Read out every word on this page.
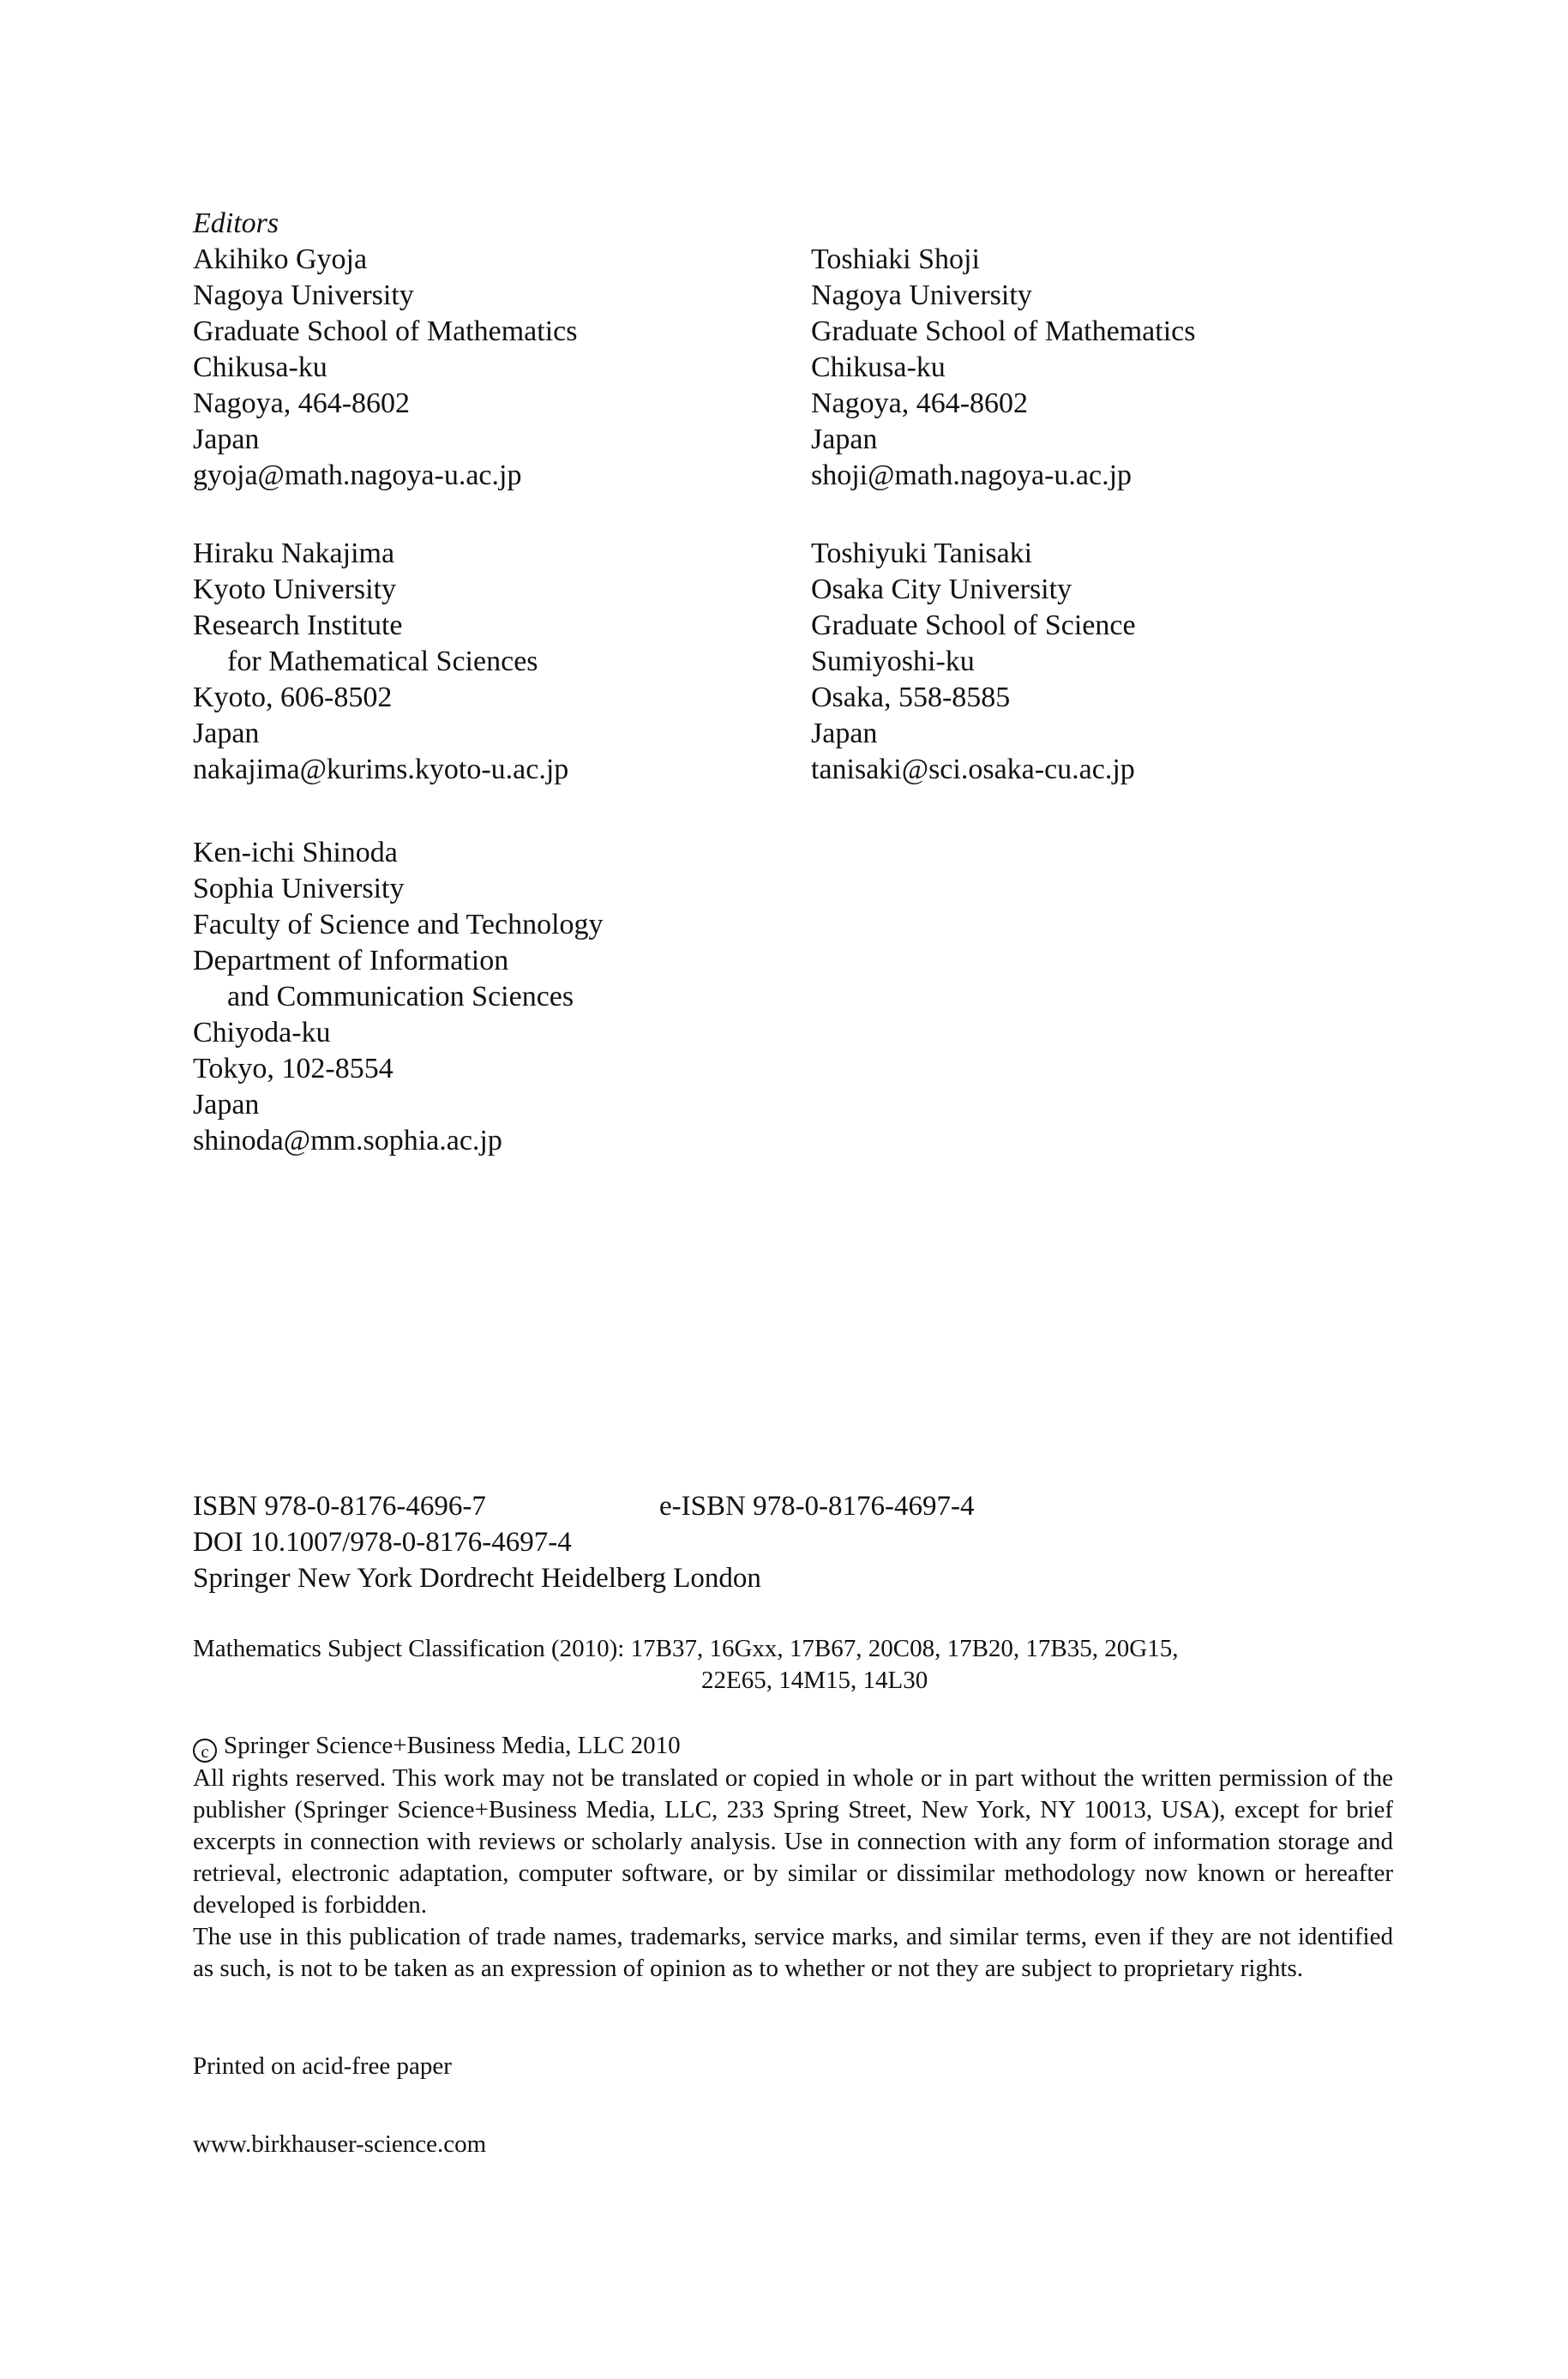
Editors
Akihiko Gyoja
Nagoya University
Graduate School of Mathematics
Chikusa-ku
Nagoya, 464-8602
Japan
gyoja@math.nagoya-u.ac.jp
Toshiaki Shoji
Nagoya University
Graduate School of Mathematics
Chikusa-ku
Nagoya, 464-8602
Japan
shoji@math.nagoya-u.ac.jp
Hiraku Nakajima
Kyoto University
Research Institute
for Mathematical Sciences
Kyoto, 606-8502
Japan
nakajima@kurims.kyoto-u.ac.jp
Toshiyuki Tanisaki
Osaka City University
Graduate School of Science
Sumiyoshi-ku
Osaka, 558-8585
Japan
tanisaki@sci.osaka-cu.ac.jp
Ken-ichi Shinoda
Sophia University
Faculty of Science and Technology
Department of Information
and Communication Sciences
Chiyoda-ku
Tokyo, 102-8554
Japan
shinoda@mm.sophia.ac.jp
ISBN 978-0-8176-4696-7	e-ISBN 978-0-8176-4697-4
DOI 10.1007/978-0-8176-4697-4
Springer New York Dordrecht Heidelberg London
Mathematics Subject Classification (2010): 17B37, 16Gxx, 17B67, 20C08, 17B20, 17B35, 20G15,
22E65, 14M15, 14L30
c Springer Science+Business Media, LLC 2010

All rights reserved. This work may not be translated or copied in whole or in part without the written permission of the publisher (Springer Science+Business Media, LLC, 233 Spring Street, New York, NY 10013, USA), except for brief excerpts in connection with reviews or scholarly analysis. Use in connection with any form of information storage and retrieval, electronic adaptation, computer software, or by similar or dissimilar methodology now known or hereafter developed is forbidden.

The use in this publication of trade names, trademarks, service marks, and similar terms, even if they are not identified as such, is not to be taken as an expression of opinion as to whether or not they are subject to proprietary rights.

Printed on acid-free paper
www.birkhauser-science.com
